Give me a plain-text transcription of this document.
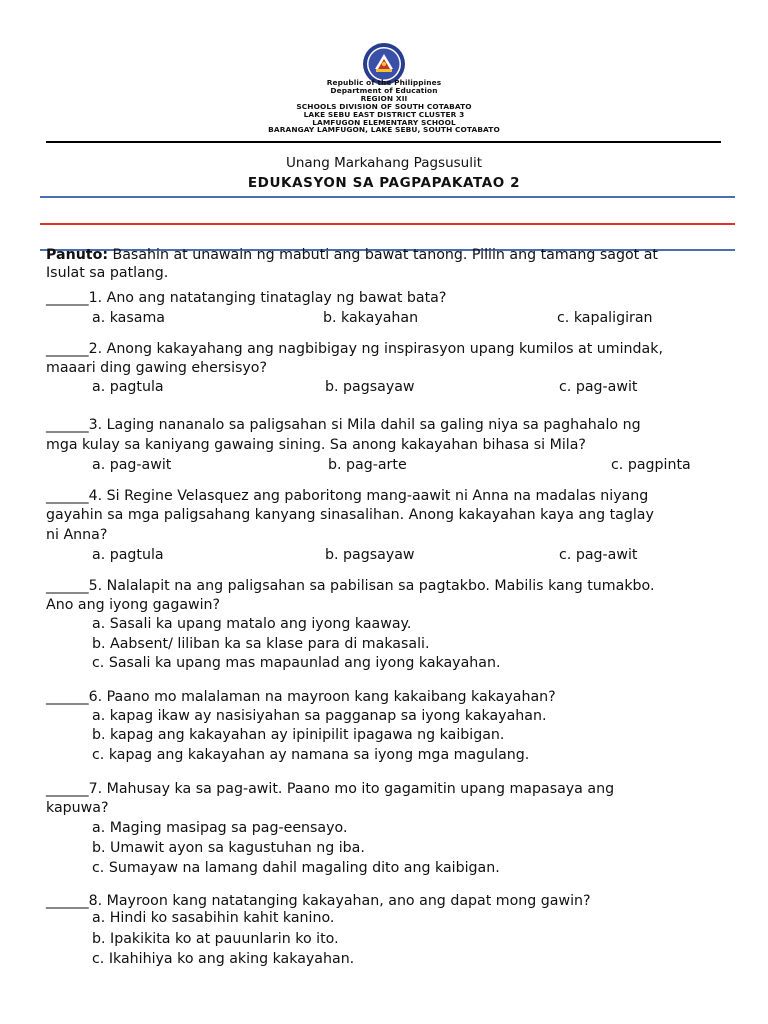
Republic of the Philippines
Department of Education
REGION XII
SCHOOLS DIVISION OF SOUTH COTABATO
LAKE SEBU EAST DISTRICT CLUSTER 3
LAMFUGON ELEMENTARY SCHOOL
BARANGAY LAMFUGON, LAKE SEBU, SOUTH COTABATO
Unang Markahang Pagsusulit
EDUKASYON SA PAGPAPAKATAO 2
Panuto: Basahin at unawain ng mabuti ang bawat tanong. Piliin ang tamang sagot at
Isulat sa patlang.
______1. Ano ang natatanging tinataglay ng bawat bata?
a. kasama	b. kakayahan	c. kapaligiran
______2. Anong kakayahang ang nagbibigay ng inspirasyon upang kumilos at umindak,
maaari ding gawing ehersisyo?
a. pagtula	b. pagsayaw	c. pag-awit
______3. Laging nananalo sa paligsahan si Mila dahil sa galing niya sa paghahalo ng
mga kulay sa kaniyang gawaing sining. Sa anong kakayahan bihasa si Mila?
a. pag-awit	b. pag-arte	c. pagpinta
______4. Si Regine Velasquez ang paboritong mang-aawit ni Anna na madalas niyang
gayahin sa mga paligsahang kanyang sinasalihan. Anong kakayahan kaya ang taglay
ni Anna?
a. pagtula	b. pagsayaw	c. pag-awit
______5. Nalalapit na ang paligsahan sa pabilisan sa pagtakbo. Mabilis kang tumakbo.
Ano ang iyong gagawin?
a. Sasali ka upang matalo ang iyong kaaway.
b. Aabsent/ liliban ka sa klase para di makasali.
c. Sasali ka upang mas mapaunlad ang iyong kakayahan.
______6. Paano mo malalaman na mayroon kang kakaibang kakayahan?
a. kapag ikaw ay nasisiyahan sa pagganap sa iyong kakayahan.
b. kapag ang kakayahan ay ipinipilit ipagawa ng kaibigan.
c. kapag ang kakayahan ay namana sa iyong mga magulang.
______7. Mahusay ka sa pag-awit. Paano mo ito gagamitin upang mapasaya ang
kapuwa?
a. Maging masipag sa pag-eensayo.
b. Umawit ayon sa kagustuhan ng iba.
c. Sumayaw na lamang dahil magaling dito ang kaibigan.
______8. Mayroon kang natatanging kakayahan, ano ang dapat mong gawin?
a. Hindi ko sasabihin kahit kanino.
b. Ipakikita ko at pauunlarin ko ito.
c. Ikahihiya ko ang aking kakayahan.
